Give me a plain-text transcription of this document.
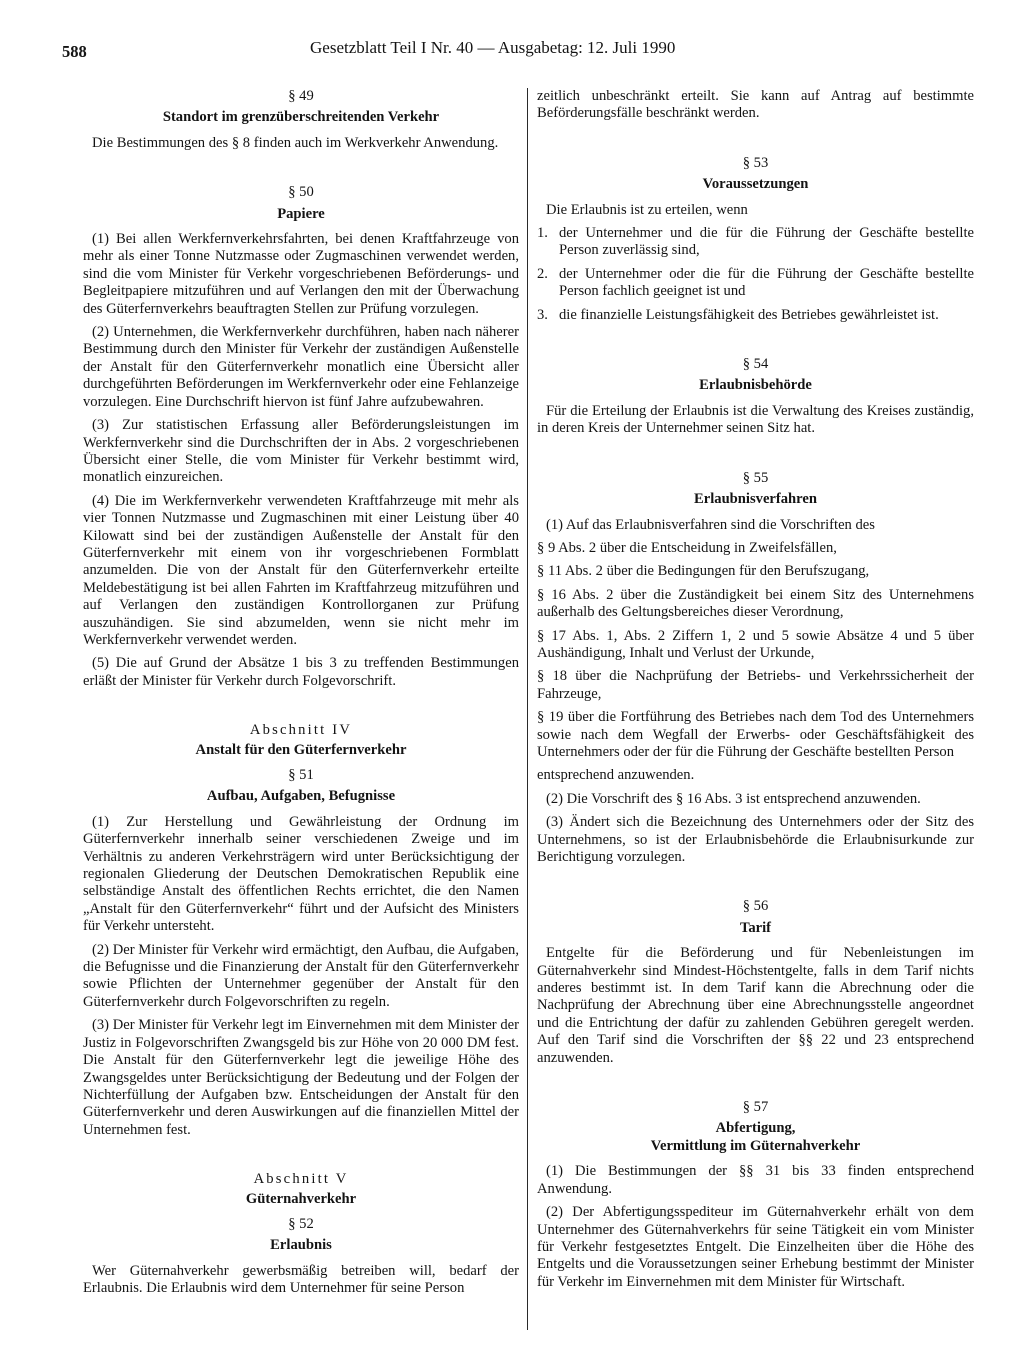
588	Gesetzblatt Teil I Nr. 40 — Ausgabetag: 12. Juli 1990
§ 49
Standort im grenzüberschreitenden Verkehr

Die Bestimmungen des § 8 finden auch im Werkverkehr Anwendung.

§ 50
Papiere

(1) Bei allen Werkfernverkehrsfahrten, bei denen Kraftfahrzeuge von mehr als einer Tonne Nutzmasse oder Zugmaschinen verwendet werden, sind die vom Minister für Verkehr vorgeschriebenen Beförderungs- und Begleitpapiere mitzuführen und auf Verlangen den mit der Überwachung des Güterfernverkehrs beauftragten Stellen zur Prüfung vorzulegen.

(2) Unternehmen, die Werkfernverkehr durchführen, haben nach näherer Bestimmung durch den Minister für Verkehr der zuständigen Außenstelle der Anstalt für den Güterfernverkehr monatlich eine Übersicht aller durchgeführten Beförderungen im Werkfernverkehr oder eine Fehlanzeige vorzulegen. Eine Durchschrift hiervon ist fünf Jahre aufzubewahren.

(3) Zur statistischen Erfassung aller Beförderungsleistungen im Werkfernverkehr sind die Durchschriften der in Abs. 2 vorgeschriebenen Übersicht einer Stelle, die vom Minister für Verkehr bestimmt wird, monatlich einzureichen.

(4) Die im Werkfernverkehr verwendeten Kraftfahrzeuge mit mehr als vier Tonnen Nutzmasse und Zugmaschinen mit einer Leistung über 40 Kilowatt sind bei der zuständigen Außenstelle der Anstalt für den Güterfernverkehr mit einem von ihr vorgeschriebenen Formblatt anzumelden. Die von der Anstalt für den Güterfernverkehr erteilte Meldebestätigung ist bei allen Fahrten im Kraftfahrzeug mitzuführen und auf Verlangen den zuständigen Kontrollorganen zur Prüfung auszuhändigen. Sie sind abzumelden, wenn sie nicht mehr im Werkfernverkehr verwendet werden.

(5) Die auf Grund der Absätze 1 bis 3 zu treffenden Bestimmungen erläßt der Minister für Verkehr durch Folgevorschrift.

Abschnitt IV
Anstalt für den Güterfernverkehr
§ 51
Aufbau, Aufgaben, Befugnisse

(1) Zur Herstellung und Gewährleistung der Ordnung im Güterfernverkehr innerhalb seiner verschiedenen Zweige und im Verhältnis zu anderen Verkehrsträgern wird unter Berücksichtigung der regionalen Gliederung der Deutschen Demokratischen Republik eine selbständige Anstalt des öffentlichen Rechts errichtet, die den Namen „Anstalt für den Güterfernverkehr“ führt und der Aufsicht des Ministers für Verkehr untersteht.

(2) Der Minister für Verkehr wird ermächtigt, den Aufbau, die Aufgaben, die Befugnisse und die Finanzierung der Anstalt für den Güterfernverkehr sowie Pflichten der Unternehmer gegenüber der Anstalt für den Güterfernverkehr durch Folgevorschriften zu regeln.

(3) Der Minister für Verkehr legt im Einvernehmen mit dem Minister der Justiz in Folgevorschriften Zwangsgeld bis zur Höhe von 20 000 DM fest. Die Anstalt für den Güterfernverkehr legt die jeweilige Höhe des Zwangsgeldes unter Berücksichtigung der Bedeutung und der Folgen der Nichterfüllung der Aufgaben bzw. Entscheidungen der Anstalt für den Güterfernverkehr und deren Auswirkungen auf die finanziellen Mittel der Unternehmen fest.

Abschnitt V
Güternahverkehr
§ 52
Erlaubnis

Wer Güternahverkehr gewerbsmäßig betreiben will, bedarf der Erlaubnis. Die Erlaubnis wird dem Unternehmer für seine Person

zeitlich unbeschränkt erteilt. Sie kann auf Antrag auf bestimmte Beförderungsfälle beschränkt werden.

§ 53
Voraussetzungen

Die Erlaubnis ist zu erteilen, wenn

1. der Unternehmer und die für die Führung der Geschäfte bestellte Person zuverlässig sind,
2. der Unternehmer oder die für die Führung der Geschäfte bestellte Person fachlich geeignet ist und
3. die finanzielle Leistungsfähigkeit des Betriebes gewährleistet ist.
§ 54
Erlaubnisbehörde

Für die Erteilung der Erlaubnis ist die Verwaltung des Kreises zuständig, in deren Kreis der Unternehmer seinen Sitz hat.

§ 55
Erlaubnisverfahren

(1) Auf das Erlaubnisverfahren sind die Vorschriften des

§ 9 Abs. 2 über die Entscheidung in Zweifelsfällen,
§ 11 Abs. 2 über die Bedingungen für den Berufszugang,
§ 16 Abs. 2 über die Zuständigkeit bei einem Sitz des Unternehmens außerhalb des Geltungsbereiches dieser Verordnung,
§ 17 Abs. 1, Abs. 2 Ziffern 1, 2 und 5 sowie Absätze 4 und 5 über Aushändigung, Inhalt und Verlust der Urkunde,
§ 18 über die Nachprüfung der Betriebs- und Verkehrssicherheit der Fahrzeuge,
§ 19 über die Fortführung des Betriebes nach dem Tod des Unternehmers sowie nach dem Wegfall der Erwerbs- oder Geschäftsfähigkeit des Unternehmers oder der für die Führung der Geschäfte bestellten Person
entsprechend anzuwenden.

(2) Die Vorschrift des § 16 Abs. 3 ist entsprechend anzuwenden.

(3) Ändert sich die Bezeichnung des Unternehmers oder der Sitz des Unternehmens, so ist der Erlaubnisbehörde die Erlaubnisurkunde zur Berichtigung vorzulegen.

§ 56
Tarif

Entgelte für die Beförderung und für Nebenleistungen im Güternahverkehr sind Mindest-Höchstentgelte, falls in dem Tarif nichts anderes bestimmt ist. In dem Tarif kann die Abrechnung oder die Nachprüfung der Abrechnung über eine Abrechnungsstelle angeordnet und die Entrichtung der dafür zu zahlenden Gebühren geregelt werden. Auf den Tarif sind die Vorschriften der §§ 22 und 23 entsprechend anzuwenden.

§ 57
Abfertigung,
Vermittlung im Güternahverkehr

(1) Die Bestimmungen der §§ 31 bis 33 finden entsprechend Anwendung.

(2) Der Abfertigungsspediteur im Güternahverkehr erhält von dem Unternehmer des Güternahverkehrs für seine Tätigkeit ein vom Minister für Verkehr festgesetztes Entgelt. Die Einzelheiten über die Höhe des Entgelts und die Voraussetzungen seiner Erhebung bestimmt der Minister für Verkehr im Einvernehmen mit dem Minister für Wirtschaft.
